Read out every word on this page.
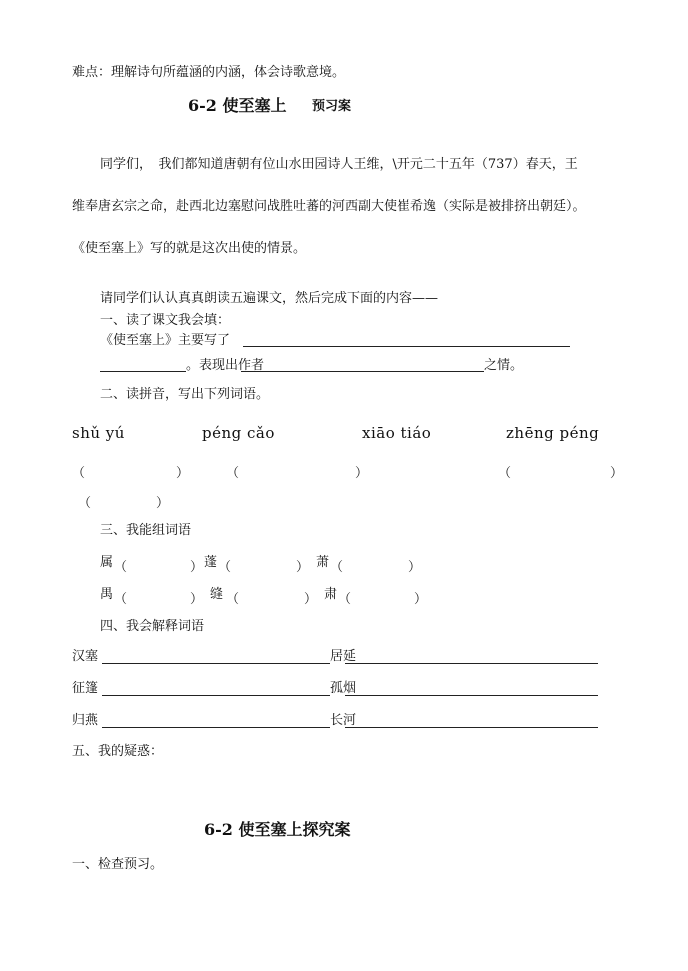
难点：理解诗句所蕴涵的内涵，体会诗歌意境。
6-2 使至塞上 预习案
同学们，　我们都知道唐朝有位山水田园诗人王维，\开元二十五年（737）春天，王
维奉唐玄宗之命，赴西北边塞慰问战胜吐蕃的河西副大使崔希逸（实际是被排挤出朝廷）。
《使至塞上》写的就是这次出使的情景。
请同学们认认真真朗读五遍课文，然后完成下面的内容——
一、读了课文我会填：
《使至塞上》主要写了
。表现出作者	之情。
二、读拼音，写出下列词语。
shǔ yú	péng cǎo	xiāo tiáo	zhēng péng
（	）	（	）	（	）
（	）
三、我能组词语
属 （	） 蓬 （	） 萧 （	）
禺 （	） 缝 （	） 肃 （	）
四、我会解释词语
汉塞	居延
征篷	孤烟
归燕	长河
五、我的疑惑：
6-2 使至塞上探究案
一、检查预习。
